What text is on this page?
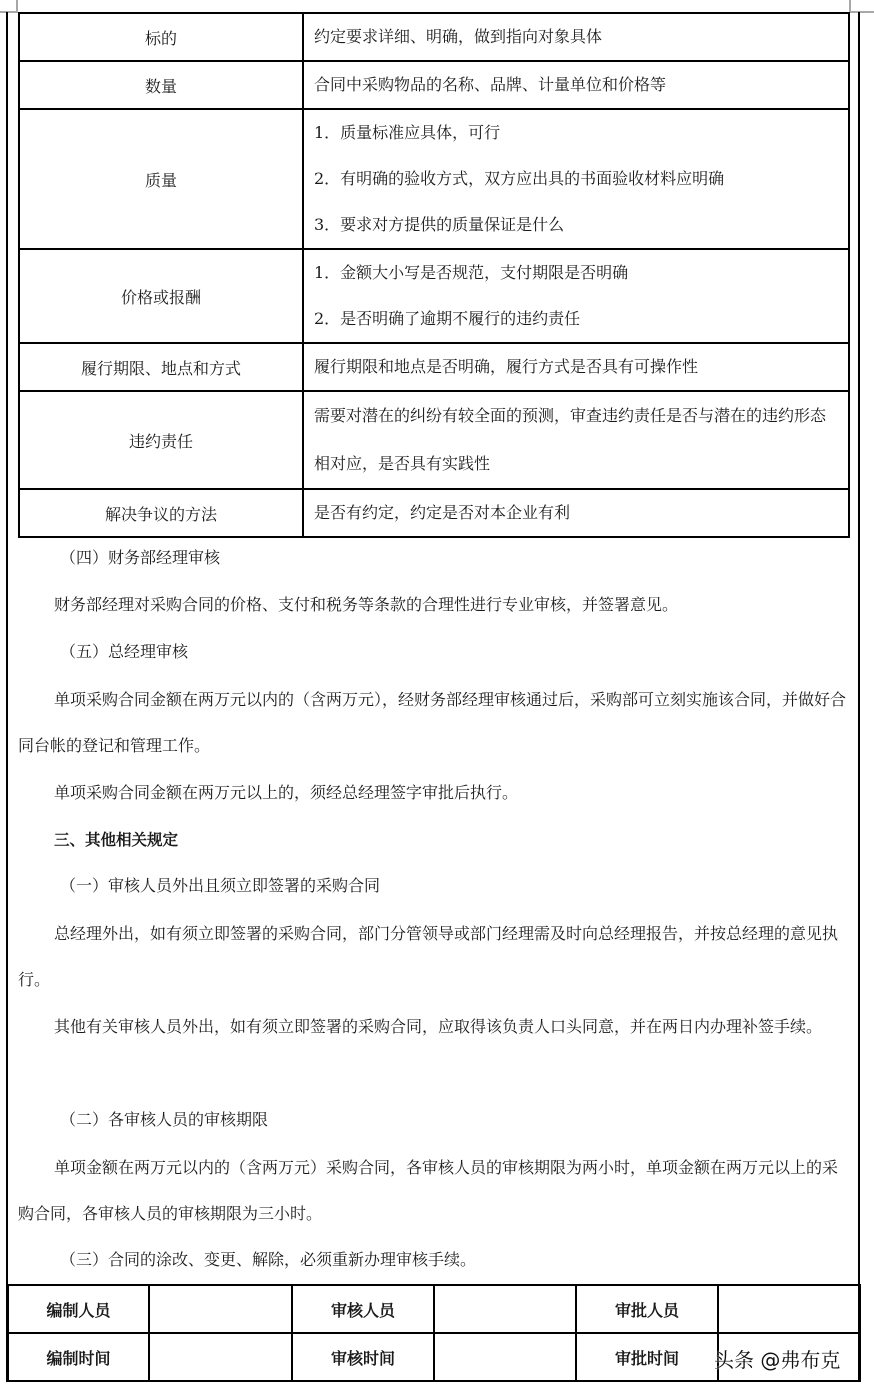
标的	约定要求详细、明确，做到指向对象具体

数量	合同中采购物品的名称、品牌、计量单位和价格等

质量	1．质量标准应具体，可行
2．有明确的验收方式，双方应出具的书面验收材料应明确
3．要求对方提供的质量保证是什么

价格或报酬	1．金额大小写是否规范，支付期限是否明确
2．是否明确了逾期不履行的违约责任

履行期限、地点和方式	履行期限和地点是否明确，履行方式是否具有可操作性

违约责任	需要对潜在的纠纷有较全面的预测，审查违约责任是否与潜在的违约形态相对应，是否具有实践性

解决争议的方法	是否有约定，约定是否对本企业有利
（四）财务部经理审核
财务部经理对采购合同的价格、支付和税务等条款的合理性进行专业审核，并签署意见。
（五）总经理审核
单项采购合同金额在两万元以内的（含两万元），经财务部经理审核通过后，采购部可立刻实施该合同，并做好合同台帐的登记和管理工作。
单项采购合同金额在两万元以上的，须经总经理签字审批后执行。
三、其他相关规定
（一）审核人员外出且须立即签署的采购合同
总经理外出，如有须立即签署的采购合同，部门分管领导或部门经理需及时向总经理报告，并按总经理的意见执行。
其他有关审核人员外出，如有须立即签署的采购合同，应取得该负责人口头同意，并在两日内办理补签手续。
（二）各审核人员的审核期限
单项金额在两万元以内的（含两万元）采购合同，各审核人员的审核期限为两小时，单项金额在两万元以上的采购合同，各审核人员的审核期限为三小时。
（三）合同的涂改、变更、解除，必须重新办理审核手续。
编制人员		审核人员		审批人员	
编制时间		审核时间		审批时间	头条 @弗布克
